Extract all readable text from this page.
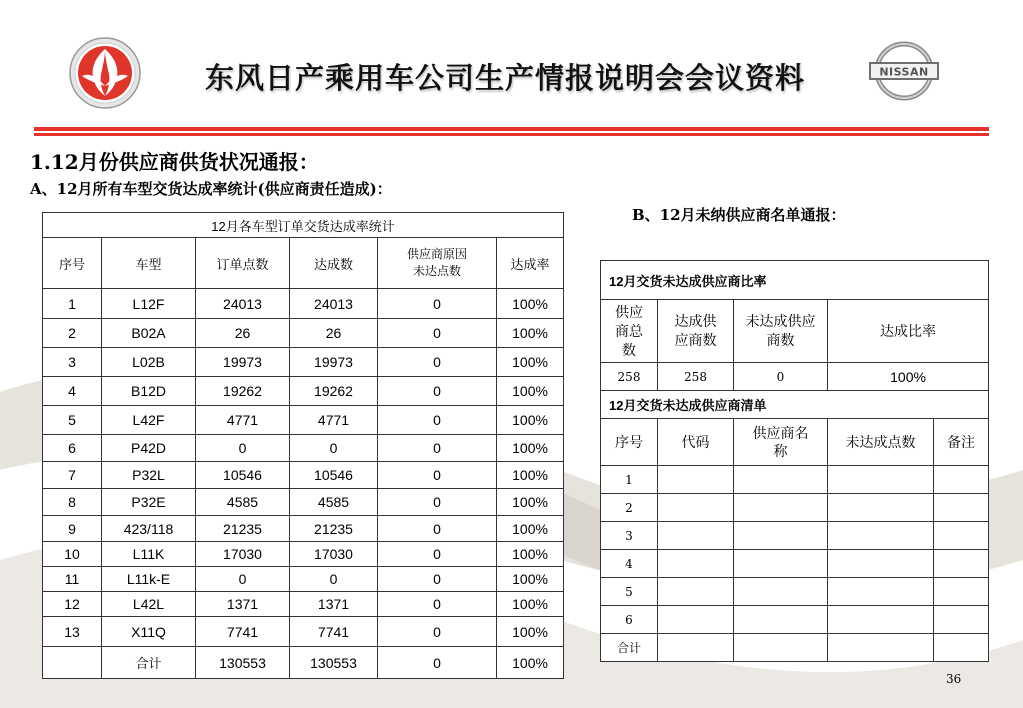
NISSAN
东风日产乘用车公司生产情报说明会会议资料
1.12月份供应商供货状况通报：
A、12月所有车型交货达成率统计(供应商责任造成)：
B、12月未纳供应商名单通报：
12月各车型订单交货达成率统计					
序号	车型	订单点数	达成数	供应商原因未达点数	达成率
1	L12F	24013	24013	0	100%
2	B02A	26	26	0	100%
3	L02B	19973	19973	0	100%
4	B12D	19262	19262	0	100%
5	L42F	4771	4771	0	100%
6	P42D	0	0	0	100%
7	P32L	10546	10546	0	100%
8	P32E	4585	4585	0	100%
9	423/118	21235	21235	0	100%
10	L11K	17030	17030	0	100%
11	L11k-E	0	0	0	100%
12	L42L	1371	1371	0	100%
13	X11Q	7741	7741	0	100%
	合计	130553	130553	0	100%
12月交货未达成供应商比率				

供应商总数	达成供应商数	未达成供应商数	达成比率	
258	258	0	100%	
12月交货未达成供应商清单				
序号	代码	供应商名称	未达成点数	备注
1				
2				
3				
4				
5				
6				
合计				
36
